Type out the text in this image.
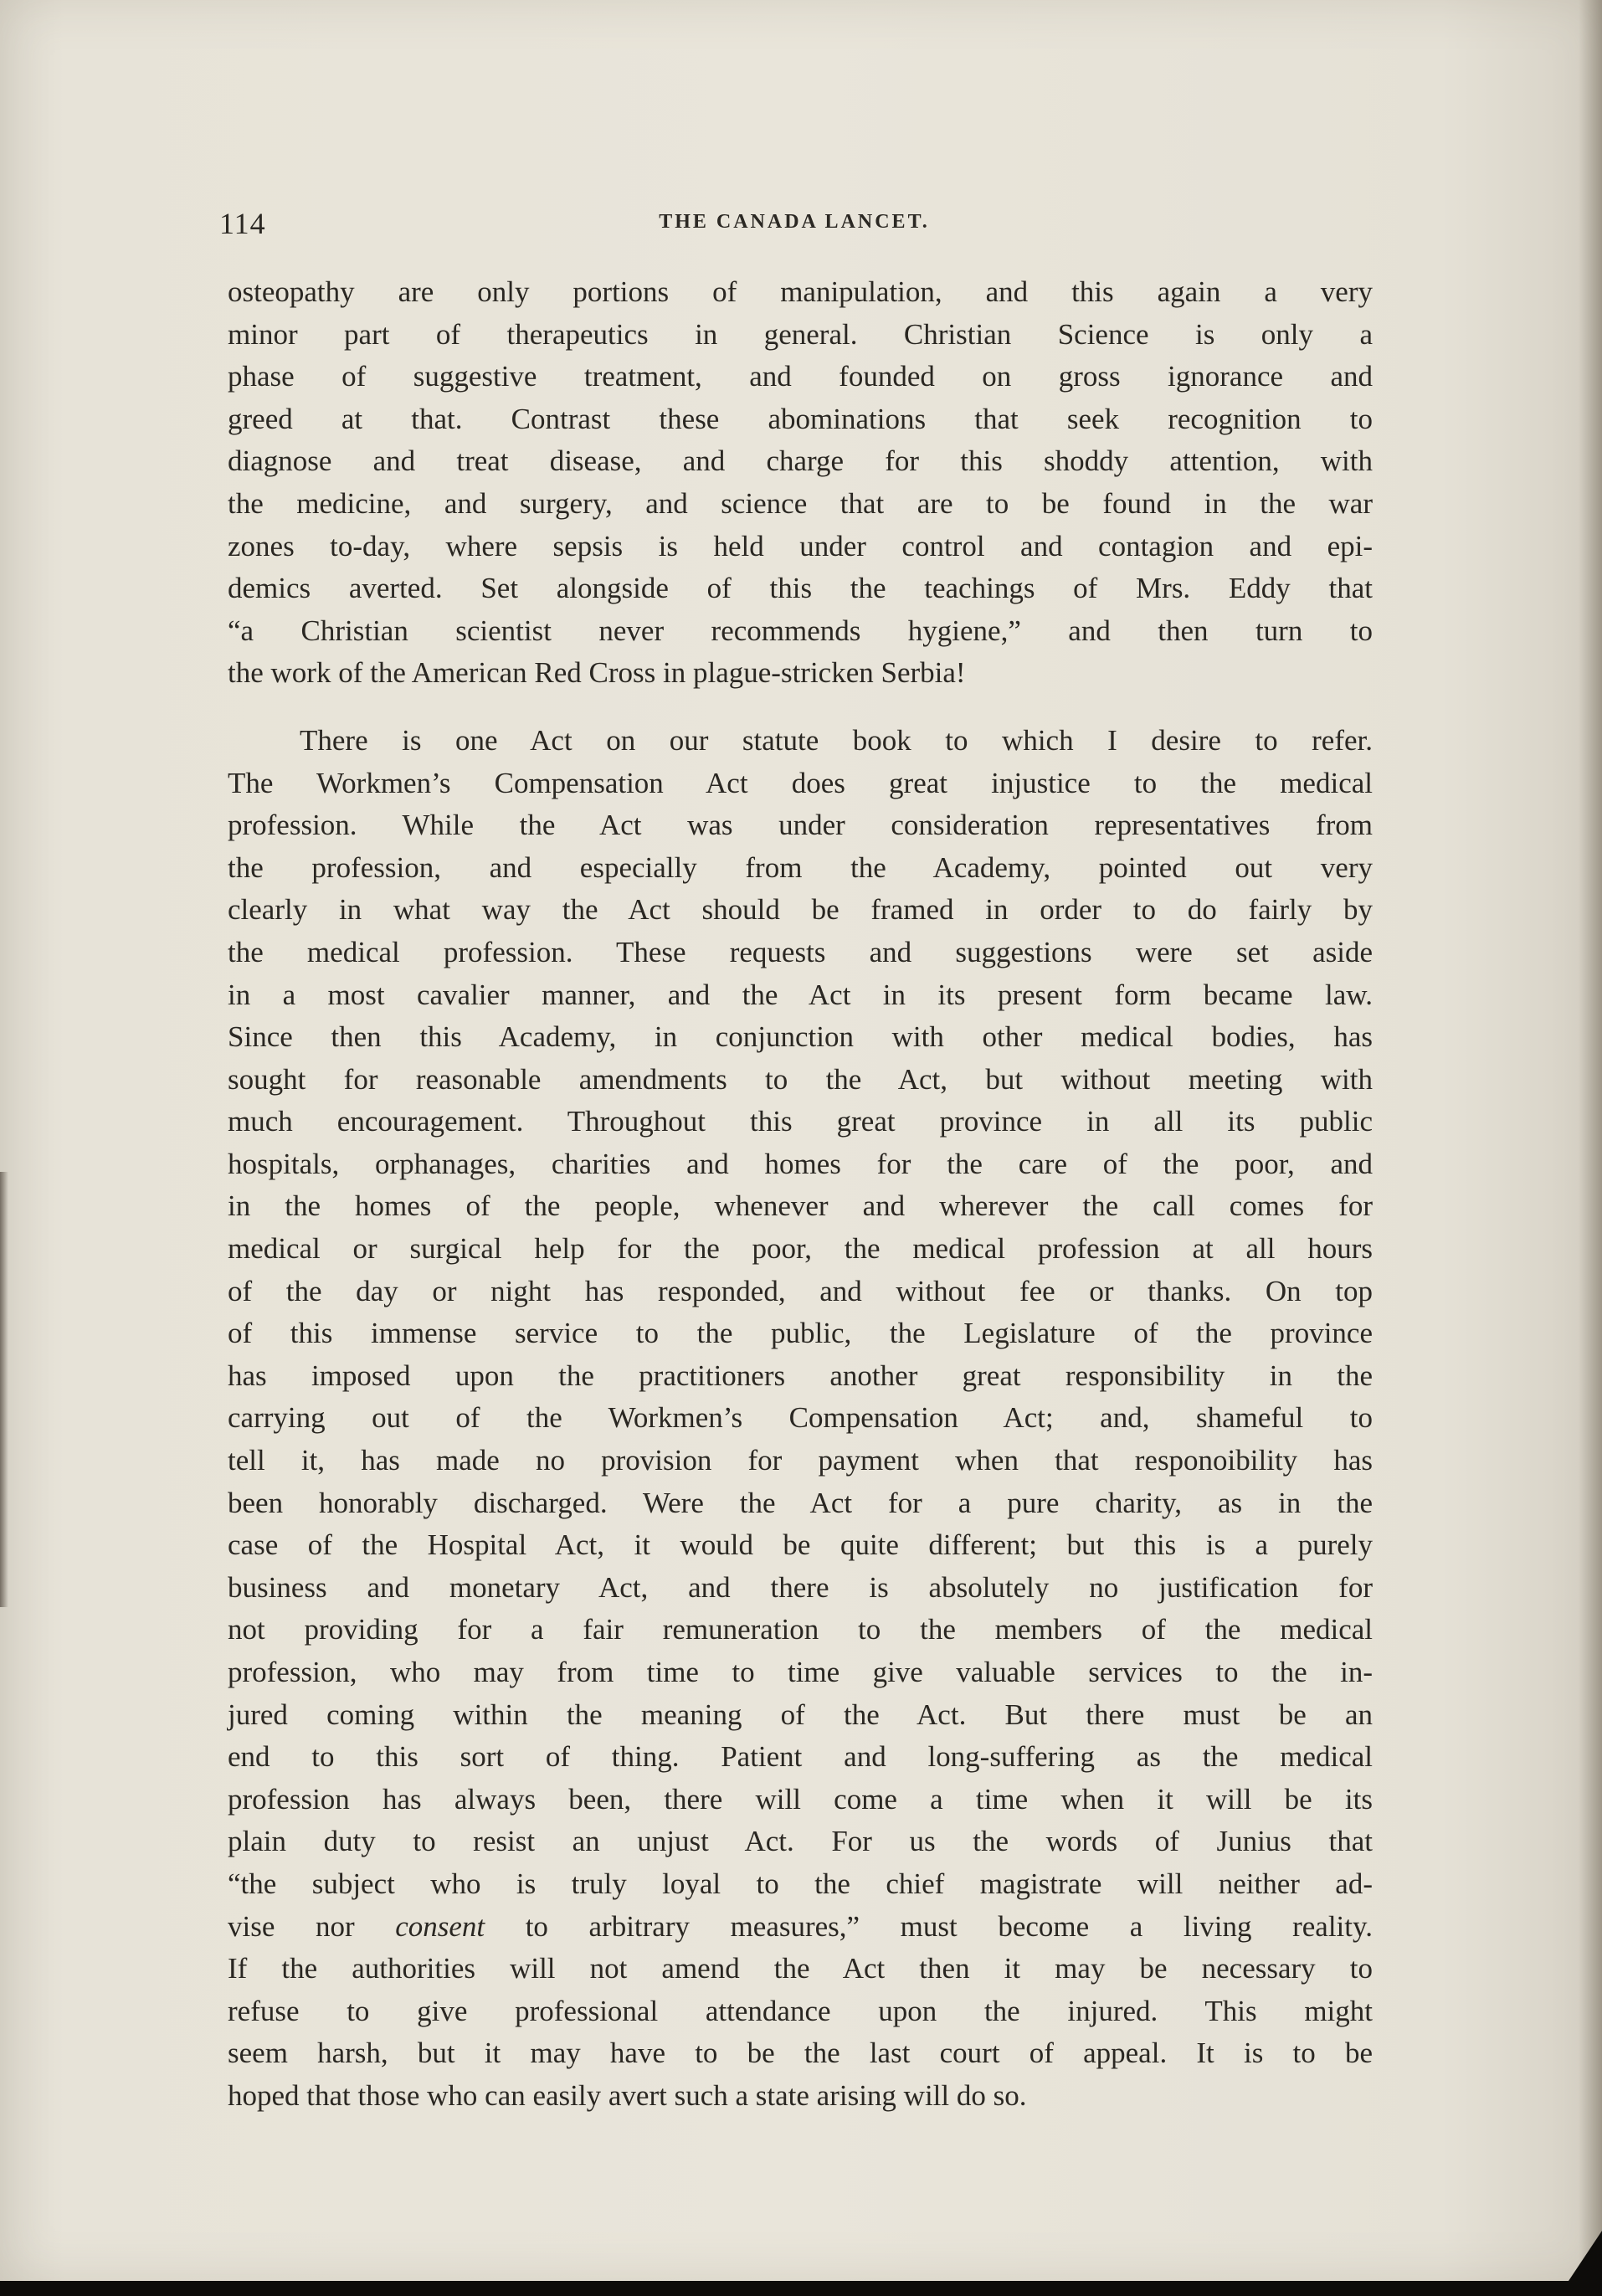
114	THE CANADA LANCET.

osteopathy are only portions of manipulation, and this again a very
minor part of therapeutics in general. Christian Science is only a
phase of suggestive treatment, and founded on gross ignorance and
greed at that. Contrast these abominations that seek recognition to
diagnose and treat disease, and charge for this shoddy attention, with
the medicine, and surgery, and science that are to be found in the war
zones to-day, where sepsis is held under control and contagion and epi-
demics averted. Set alongside of this the teachings of Mrs. Eddy that
“a Christian scientist never recommends hygiene,” and then turn to
the work of the American Red Cross in plague-stricken Serbia!

There is one Act on our statute book to which I desire to refer.
The Workmen’s Compensation Act does great injustice to the medical
profession. While the Act was under consideration representatives from
the profession, and especially from the Academy, pointed out very
clearly in what way the Act should be framed in order to do fairly by
the medical profession. These requests and suggestions were set aside
in a most cavalier manner, and the Act in its present form became law.
Since then this Academy, in conjunction with other medical bodies, has
sought for reasonable amendments to the Act, but without meeting with
much encouragement. Throughout this great province in all its public
hospitals, orphanages, charities and homes for the care of the poor, and
in the homes of the people, whenever and wherever the call comes for
medical or surgical help for the poor, the medical profession at all hours
of the day or night has responded, and without fee or thanks. On top
of this immense service to the public, the Legislature of the province
has imposed upon the practitioners another great responsibility in the
carrying out of the Workmen’s Compensation Act; and, shameful to
tell it, has made no provision for payment when that responoibility has
been honorably discharged. Were the Act for a pure charity, as in the
case of the Hospital Act, it would be quite different; but this is a purely
business and monetary Act, and there is absolutely no justification for
not providing for a fair remuneration to the members of the medical
profession, who may from time to time give valuable services to the in-
jured coming within the meaning of the Act. But there must be an
end to this sort of thing. Patient and long-suffering as the medical
profession has always been, there will come a time when it will be its
plain duty to resist an unjust Act. For us the words of Junius that
“the subject who is truly loyal to the chief magistrate will neither ad-
vise nor consent to arbitrary measures,” must become a living reality.
If the authorities will not amend the Act then it may be necessary to
refuse to give professional attendance upon the injured. This might
seem harsh, but it may have to be the last court of appeal. It is to be
hoped that those who can easily avert such a state arising will do so.
